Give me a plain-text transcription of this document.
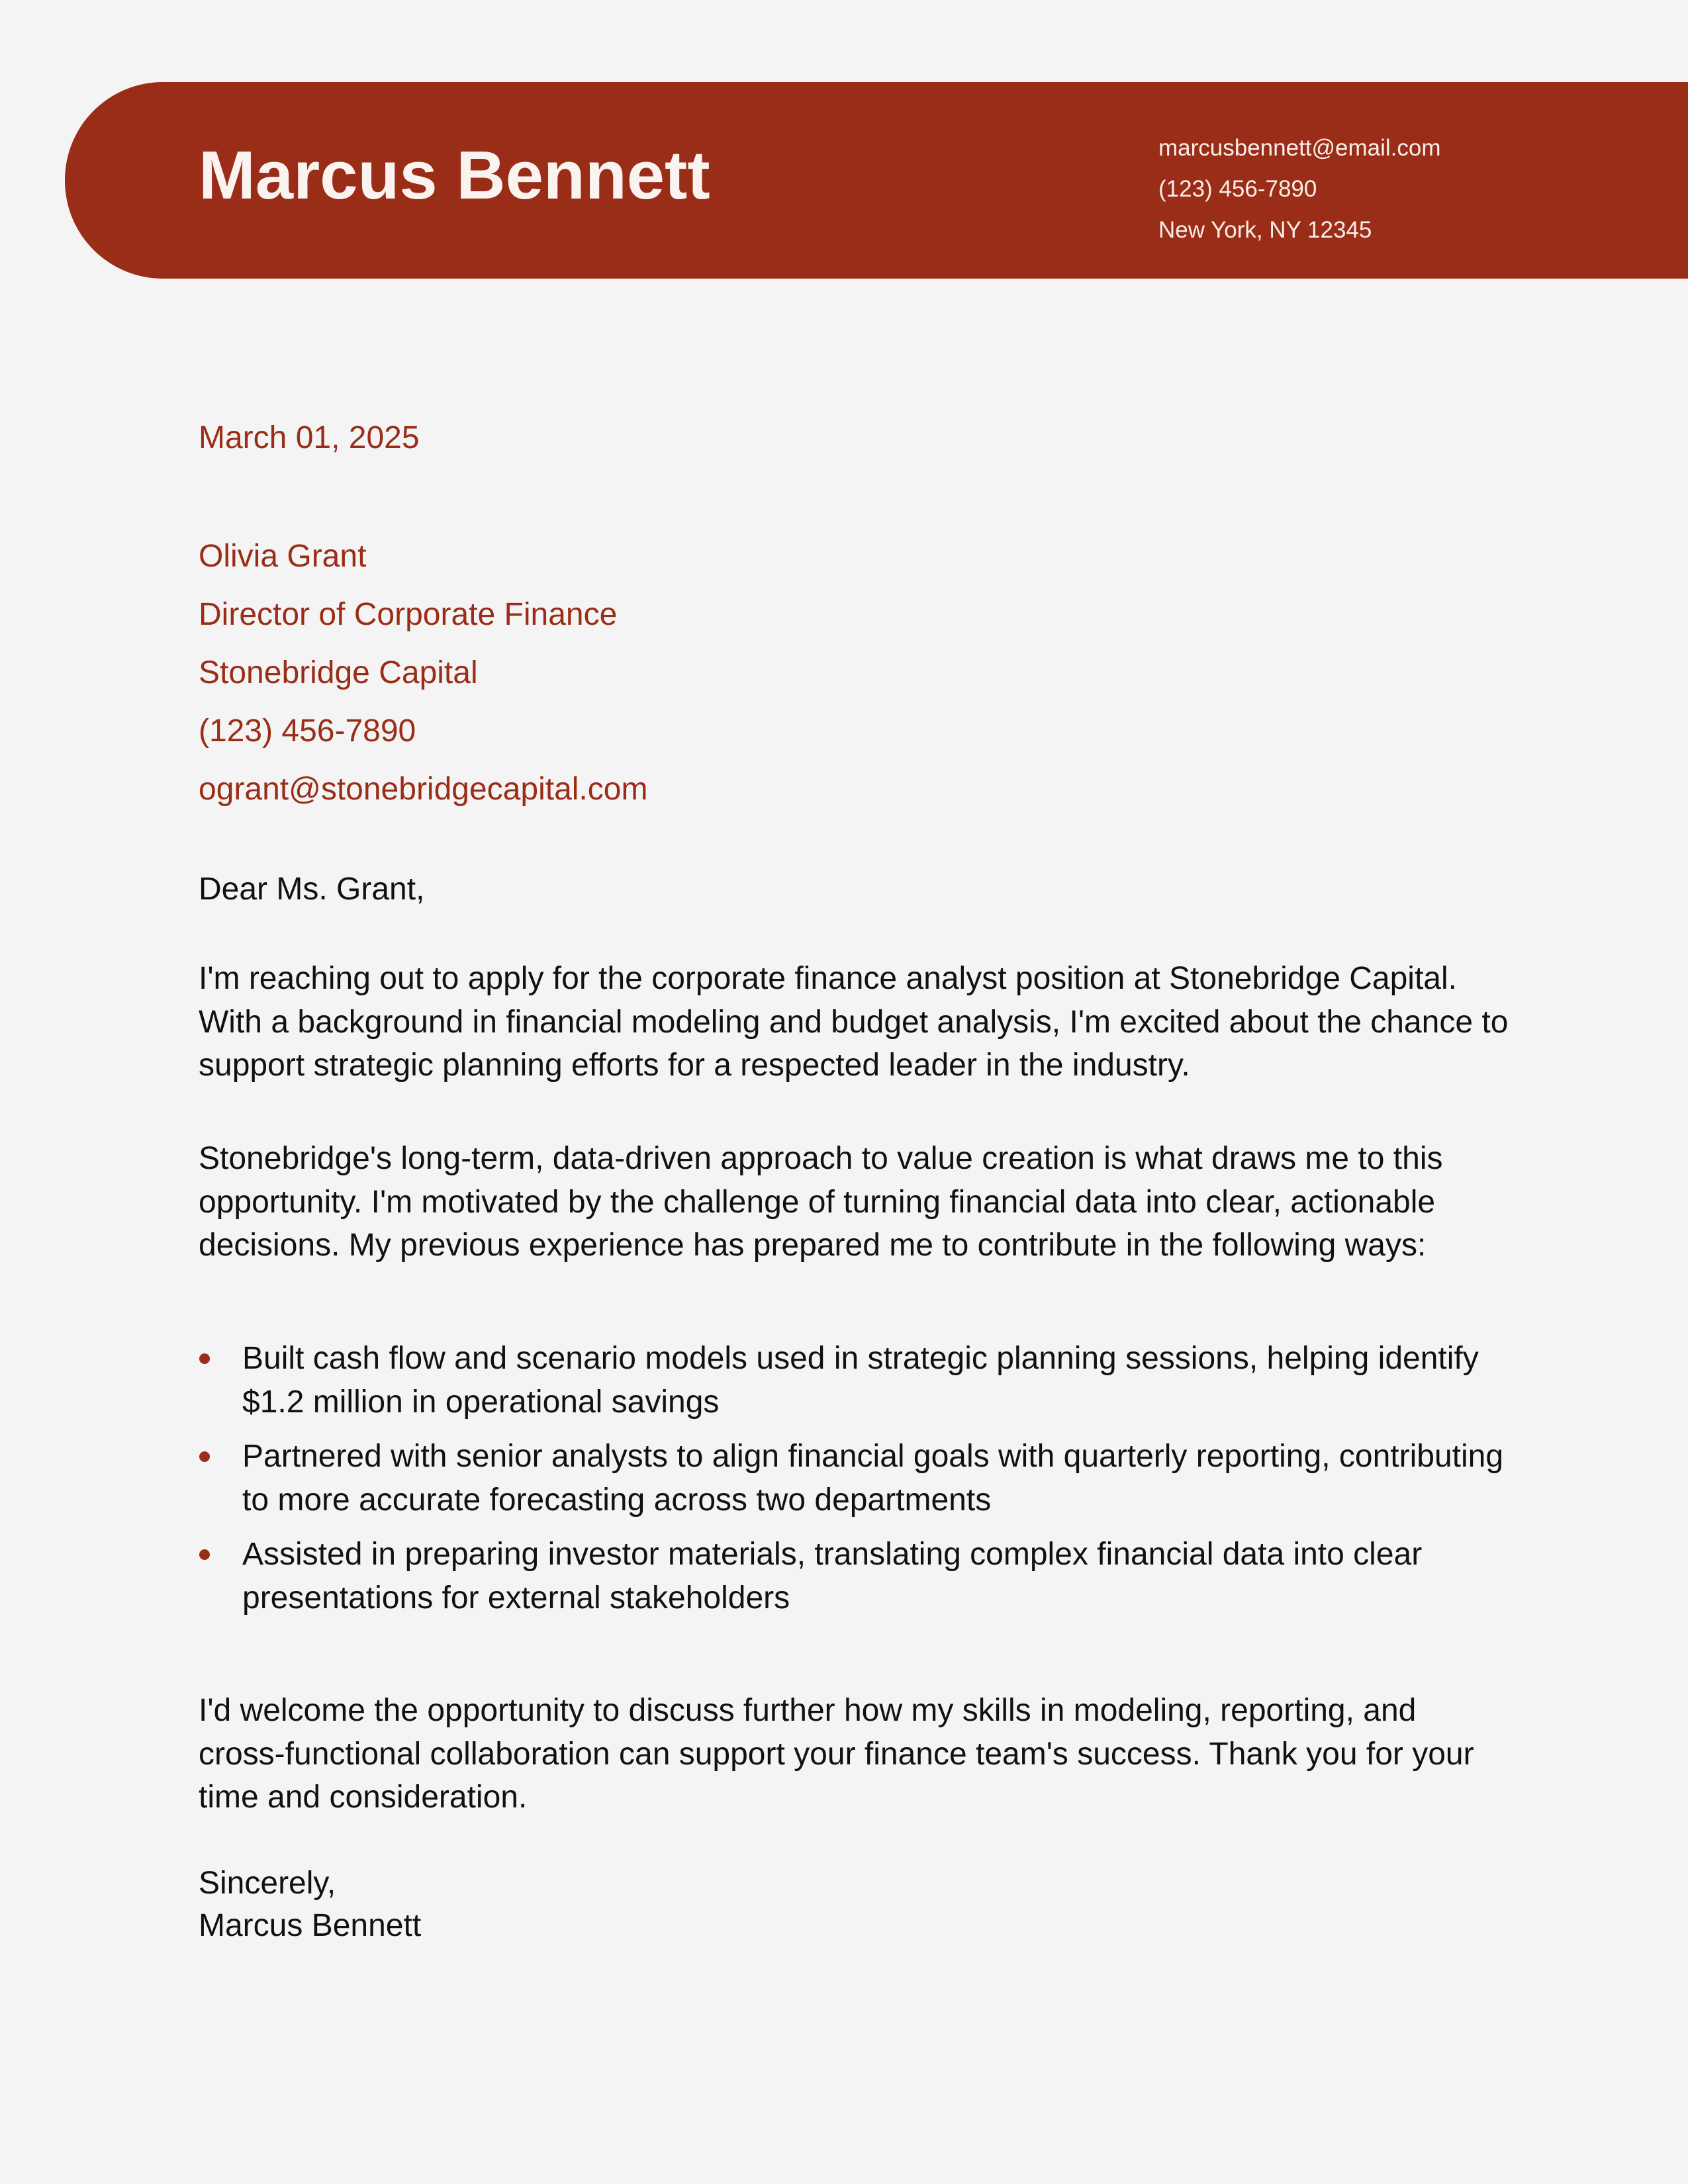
Marcus Bennett	marcusbennett@email.com
(123) 456-7890
New York, NY 12345
March 01, 2025
Olivia Grant
Director of Corporate Finance
Stonebridge Capital
(123) 456-7890
ogrant@stonebridgecapital.com
Dear Ms. Grant,

I'm reaching out to apply for the corporate finance analyst position at Stonebridge Capital. With a background in financial modeling and budget analysis, I'm excited about the chance to support strategic planning efforts for a respected leader in the industry.

Stonebridge's long-term, data-driven approach to value creation is what draws me to this opportunity. I'm motivated by the challenge of turning financial data into clear, actionable decisions. My previous experience has prepared me to contribute in the following ways:

Built cash flow and scenario models used in strategic planning sessions, helping identify $1.2 million in operational savings
Partnered with senior analysts to align financial goals with quarterly reporting, contributing to more accurate forecasting across two departments
Assisted in preparing investor materials, translating complex financial data into clear presentations for external stakeholders

I'd welcome the opportunity to discuss further how my skills in modeling, reporting, and cross-functional collaboration can support your finance team's success. Thank you for your time and consideration.

Sincerely,
Marcus Bennett
